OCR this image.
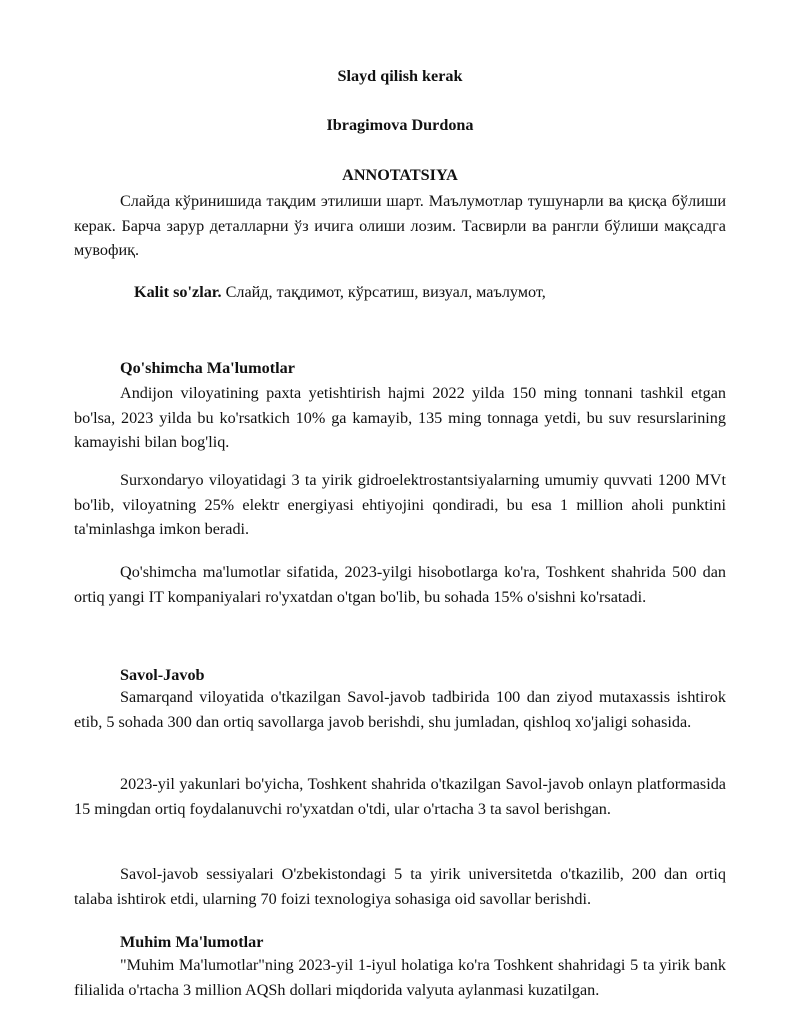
Slayd qilish kerak
Ibragimova Durdona
ANNOTATSIYA

Слайда кўринишида тақдим этилиши шарт. Маълумотлар тушунарли ва қисқа бўлиши керак. Барча зарур деталларни ўз ичига олиши лозим. Тасвирли ва рангли бўлиши мақсадга мувофиқ.

Kalit so'zlar. Слайд, тақдимот, кўрсатиш, визуал, маълумот,

Qo'shimcha Ma'lumotlar

Andijon viloyatining paxta yetishtirish hajmi 2022 yilda 150 ming tonnani tashkil etgan bo'lsa, 2023 yilda bu ko'rsatkich 10% ga kamayib, 135 ming tonnaga yetdi, bu suv resurslarining kamayishi bilan bog'liq.

Surxondaryo viloyatidagi 3 ta yirik gidroelektrostantsiyalarning umumiy quvvati 1200 MVt bo'lib, viloyatning 25% elektr energiyasi ehtiyojini qondiradi, bu esa 1 million aholi punktini ta'minlashga imkon beradi.

Qo'shimcha ma'lumotlar sifatida, 2023-yilgi hisobotlarga ko'ra, Toshkent shahrida 500 dan ortiq yangi IT kompaniyalari ro'yxatdan o'tgan bo'lib, bu sohada 15% o'sishni ko'rsatadi.

Savol-Javob

Samarqand viloyatida o'tkazilgan Savol-javob tadbirida 100 dan ziyod mutaxassis ishtirok etib, 5 sohada 300 dan ortiq savollarga javob berishdi, shu jumladan, qishloq xo'jaligi sohasida.

2023-yil yakunlari bo'yicha, Toshkent shahrida o'tkazilgan Savol-javob onlayn platformasida 15 mingdan ortiq foydalanuvchi ro'yxatdan o'tdi, ular o'rtacha 3 ta savol berishgan.

Savol-javob sessiyalari O'zbekistondagi 5 ta yirik universitetda o'tkazilib, 200 dan ortiq talaba ishtirok etdi, ularning 70 foizi texnologiya sohasiga oid savollar berishdi.

Muhim Ma'lumotlar

"Muhim Ma'lumotlar"ning 2023-yil 1-iyul holatiga ko'ra Toshkent shahridagi 5 ta yirik bank filialida o'rtacha 3 million AQSh dollari miqdorida valyuta aylanmasi kuzatilgan.
